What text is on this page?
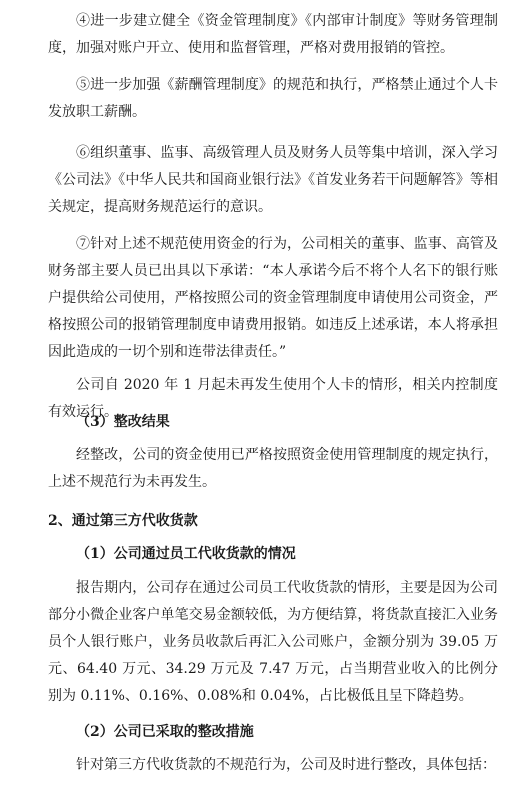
④进一步建立健全《资金管理制度》《内部审计制度》等财务管理制度，加强对账户开立、使用和监督管理，严格对费用报销的管控。

⑤进一步加强《薪酬管理制度》的规范和执行，严格禁止通过个人卡发放职工薪酬。

⑥组织董事、监事、高级管理人员及财务人员等集中培训，深入学习《公司法》《中华人民共和国商业银行法》《首发业务若干问题解答》等相关规定，提高财务规范运行的意识。

⑦针对上述不规范使用资金的行为，公司相关的董事、监事、高管及财务部主要人员已出具以下承诺：“本人承诺今后不将个人名下的银行账户提供给公司使用，严格按照公司的资金管理制度申请使用公司资金，严格按照公司的报销管理制度申请费用报销。如违反上述承诺，本人将承担因此造成的一切个别和连带法律责任。”

公司自 2020 年 1 月起未再发生使用个人卡的情形，相关内控制度有效运行。

（3）整改结果

经整改，公司的资金使用已严格按照资金使用管理制度的规定执行，上述不规范行为未再发生。

2、通过第三方代收货款

（1）公司通过员工代收货款的情况

报告期内，公司存在通过公司员工代收货款的情形，主要是因为公司部分小微企业客户单笔交易金额较低，为方便结算，将货款直接汇入业务员个人银行账户，业务员收款后再汇入公司账户，金额分别为 39.05 万元、64.40 万元、34.29 万元及 7.47 万元，占当期营业收入的比例分别为 0.11%、0.16%、0.08%和 0.04%，占比极低且呈下降趋势。

（2）公司已采取的整改措施

针对第三方代收货款的不规范行为，公司及时进行整改，具体包括：
